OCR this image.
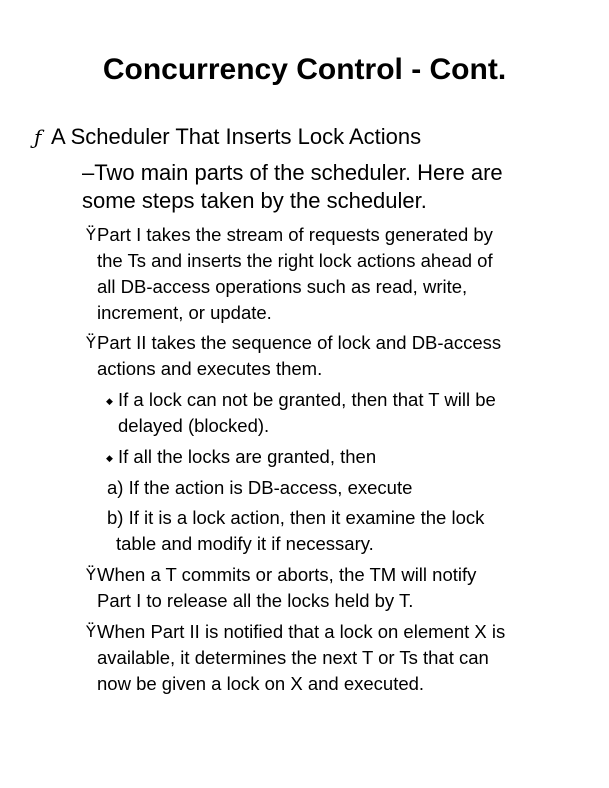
Concurrency Control - Cont.
ƒ A Scheduler That Inserts Lock Actions
–Two main parts of the scheduler. Here are
some steps taken by the scheduler.
Ÿ Part I takes the stream of requests generated by
the Ts and inserts the right lock actions ahead of
all DB-access operations such as read, write,
increment, or update.
Ÿ Part II takes the sequence of lock and DB-access
actions and executes them.
◆ If a lock can not be granted, then that T will be
delayed (blocked).
◆ If all the locks are granted, then
a) If the action is DB-access, execute
b) If it is a lock action, then it examine the lock
table and modify it if necessary.
Ÿ When a T commits or aborts, the TM will notify
Part I to release all the locks held by T.
Ÿ When Part II is notified that a lock on element X is
available, it determines the next T or Ts that can
now be given a lock on X and executed.
